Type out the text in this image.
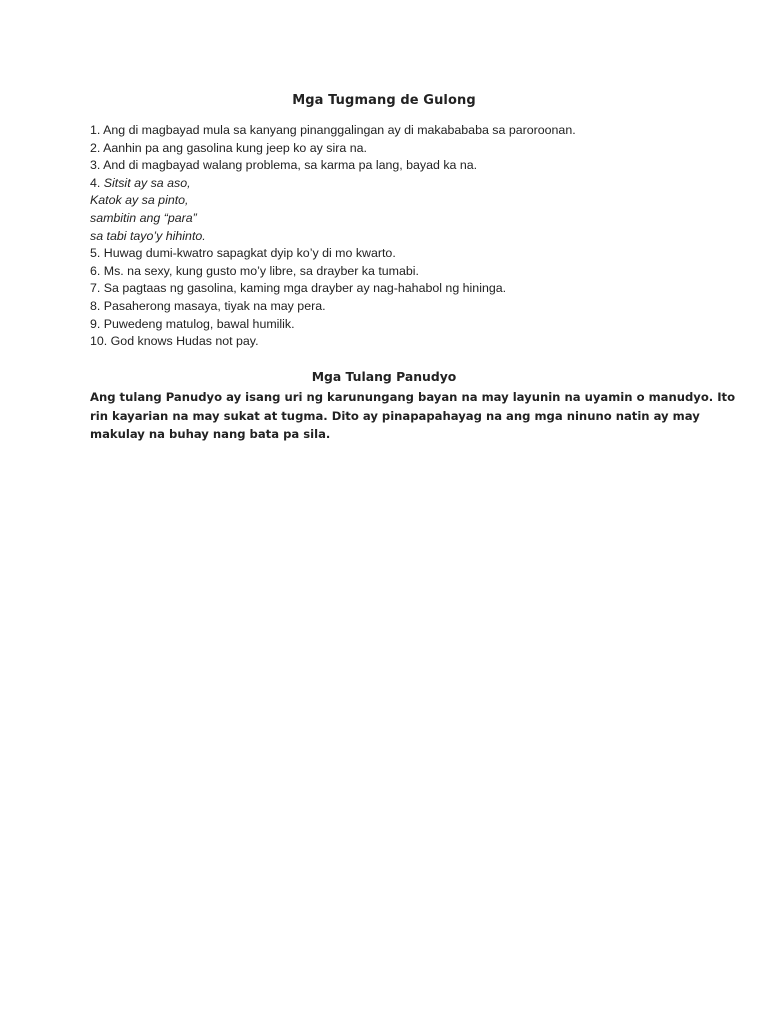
Mga Tugmang de Gulong
1. Ang di magbayad mula sa kanyang pinanggalingan ay di makabababa sa paroroonan.
2. Aanhin pa ang gasolina kung jeep ko ay sira na.
3. And di magbayad walang problema, sa karma pa lang, bayad ka na.
4. Sitsit ay sa aso,
Katok ay sa pinto,
sambitin ang “para”
sa tabi tayo’y hihinto.
5. Huwag dumi-kwatro sapagkat dyip ko’y di mo kwarto.
6. Ms. na sexy, kung gusto mo’y libre, sa drayber ka tumabi.
7. Sa pagtaas ng gasolina, kaming mga drayber ay nag-hahabol ng hininga.
8. Pasaherong masaya, tiyak na may pera.
9. Puwedeng matulog, bawal humilik.
10. God knows Hudas not pay.
Mga Tulang Panudyo

Ang tulang Panudyo ay isang uri ng karunungang bayan na may layunin na uyamin o manudyo. Ito
rin kayarian na may sukat at tugma. Dito ay pinapapahayag na ang mga ninuno natin ay may
makulay na buhay nang bata pa sila.
